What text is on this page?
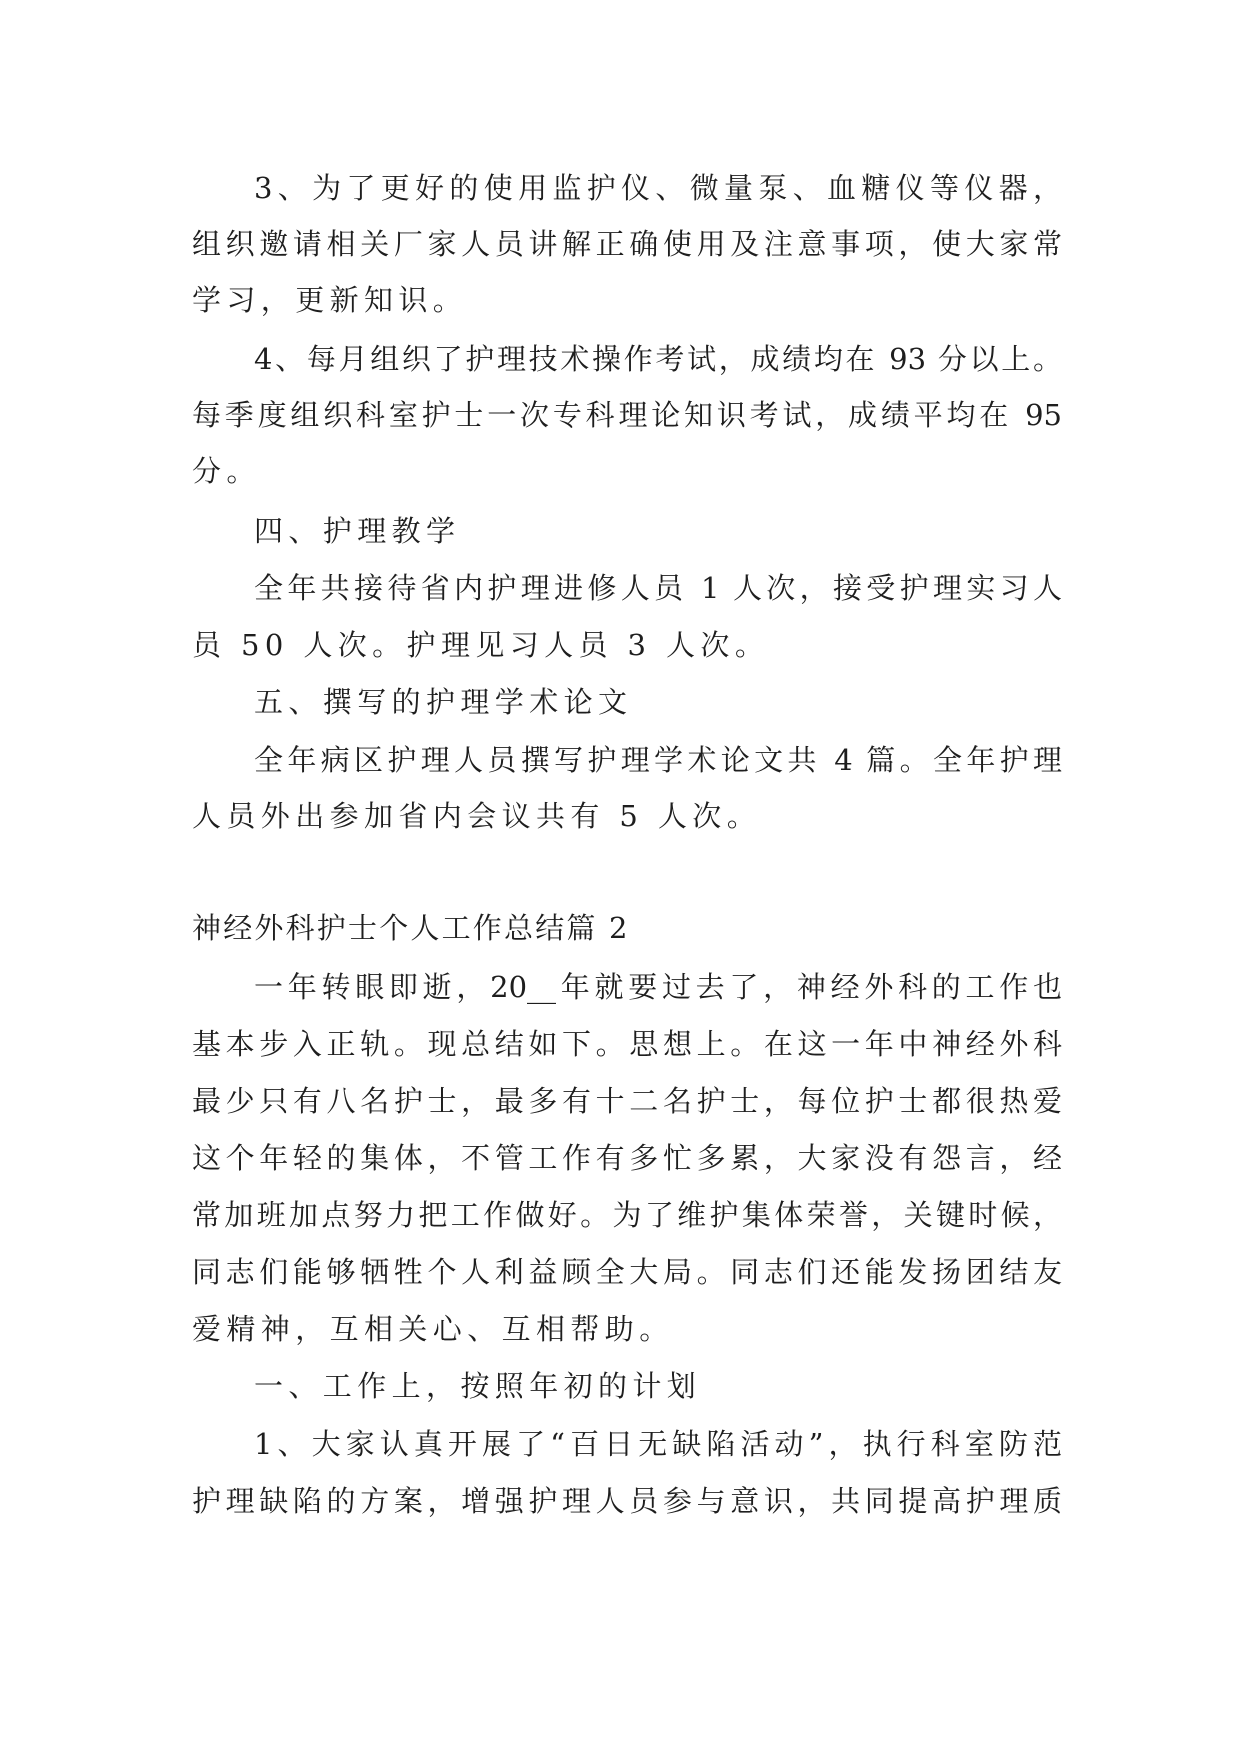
3、为了更好的使用监护仪、微量泵、血糖仪等仪器，
组织邀请相关厂家人员讲解正确使用及注意事项，使大家常
学习，更新知识。
4、每月组织了护理技术操作考试，成绩均在 93 分以上。
每季度组织科室护士一次专科理论知识考试，成绩平均在 95
分。
四、护理教学
全年共接待省内护理进修人员 1 人次，接受护理实习人
员 50 人次。护理见习人员 3 人次。
五、撰写的护理学术论文
全年病区护理人员撰写护理学术论文共 4 篇。全年护理
人员外出参加省内会议共有 5 人次。
神经外科护士个人工作总结篇 2
一年转眼即逝，20__年就要过去了，神经外科的工作也
基本步入正轨。现总结如下。思想上。在这一年中神经外科
最少只有八名护士，最多有十二名护士，每位护士都很热爱
这个年轻的集体，不管工作有多忙多累，大家没有怨言，经
常加班加点努力把工作做好。为了维护集体荣誉，关键时候，
同志们能够牺牲个人利益顾全大局。同志们还能发扬团结友
爱精神，互相关心、互相帮助。
一、工作上，按照年初的计划
1、大家认真开展了“百日无缺陷活动”，执行科室防范
护理缺陷的方案，增强护理人员参与意识，共同提高护理质
